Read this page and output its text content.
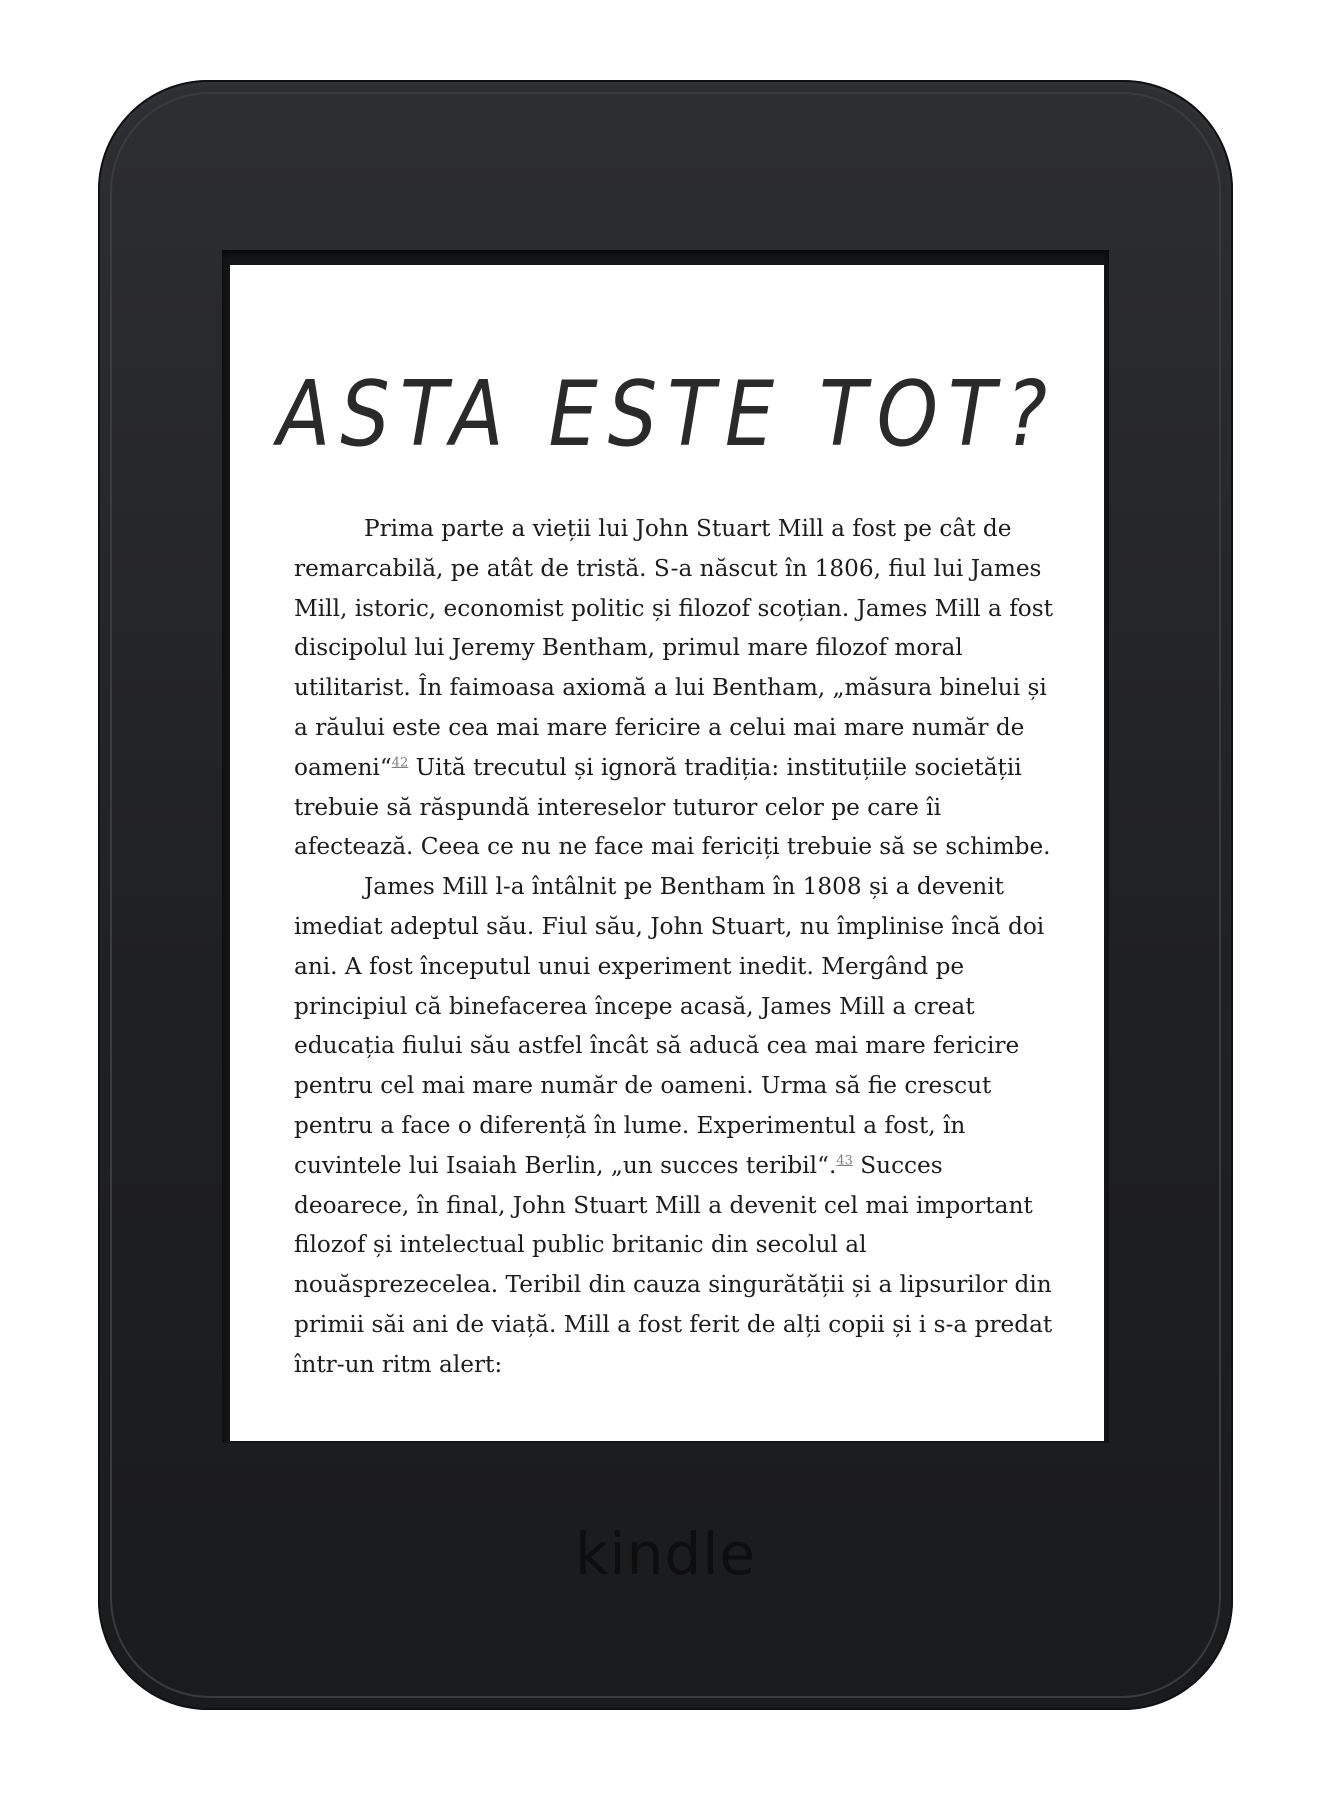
ASTA ESTE TOT?

Prima parte a vieții lui John Stuart Mill a fost pe cât de remarcabilă, pe atât de tristă. S-a născut în 1806, fiul lui James Mill, istoric, economist politic și filozof scoțian. James Mill a fost discipolul lui Jeremy Bentham, primul mare filozof moral utilitarist. În faimoasa axiomă a lui Bentham, „măsura binelui și a răului este cea mai mare fericire a celui mai mare număr de oameni“$^{42}$ Uită trecutul și ignoră tradiția: instituțiile societății trebuie să răspundă intereselor tuturor celor pe care îi afectează. Ceea ce nu ne face mai fericiți trebuie să se schimbe.

James Mill l-a întâlnit pe Bentham în 1808 și a devenit imediat adeptul său. Fiul său, John Stuart, nu împlinise încă doi ani. A fost începutul unui experiment inedit. Mergând pe principiul că binefacerea începe acasă, James Mill a creat educația fiului său astfel încât să aducă cea mai mare fericire pentru cel mai mare număr de oameni. Urma să fie crescut pentru a face o diferență în lume. Experimentul a fost, în cuvintele lui Isaiah Berlin, „un succes teribil“.$^{43}$ Succes deoarece, în final, John Stuart Mill a devenit cel mai important filozof și intelectual public britanic din secolul al nouăsprezecelea. Teribil din cauza singurătății și a lipsurilor din primii săi ani de viață. Mill a fost ferit de alți copii și i s-a predat într-un ritm alert:

kindle
